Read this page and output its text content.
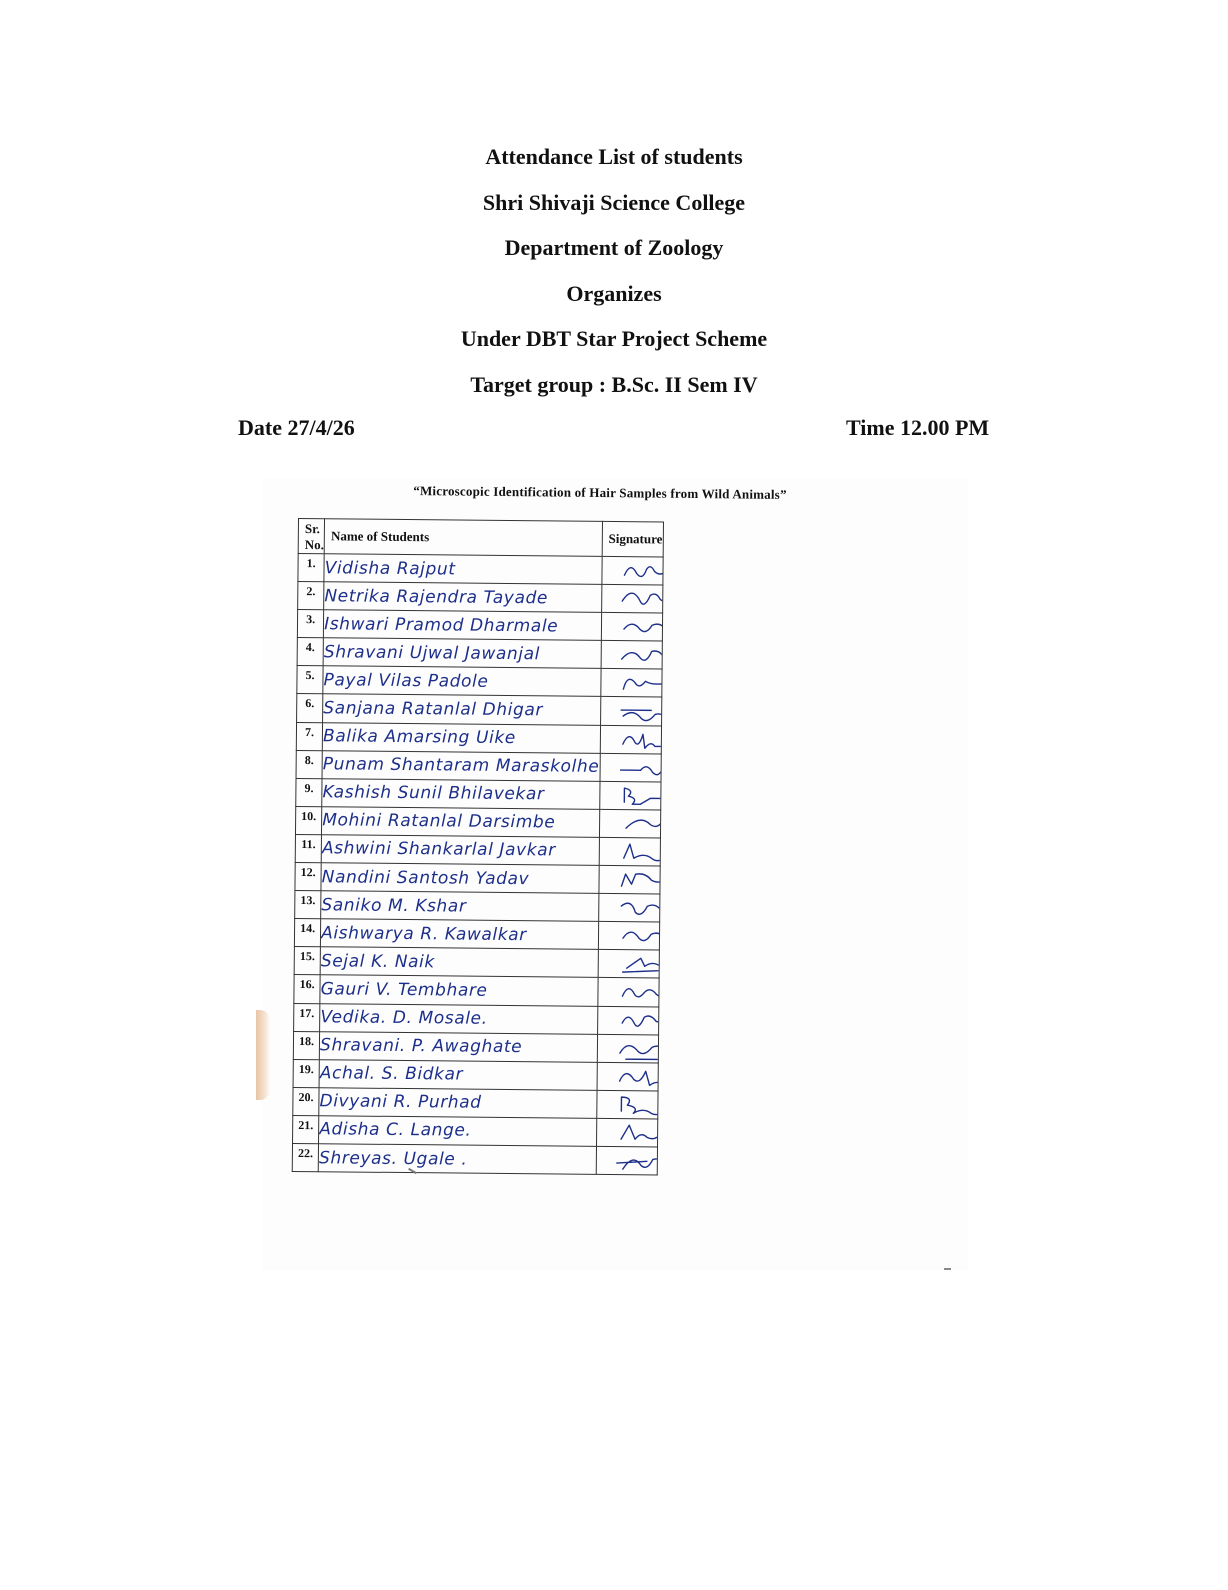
Attendance List of students
Shri Shivaji Science College
Department of Zoology
Organizes
Under DBT Star Project Scheme
Target group : B.Sc. II Sem IV
Date 27/4/26	Time 12.00 PM
“Microscopic Identification of Hair Samples from Wild Animals”
Sr. No.	Name of Students	Signature
1.	Vidisha Rajput	

2.	Netrika Rajendra Tayade	

3.	Ishwari Pramod Dharmale	

4.	Shravani Ujwal Jawanjal	

5.	Payal Vilas Padole	

6.	Sanjana Ratanlal Dhigar	

7.	Balika Amarsing Uike	

8.	Punam Shantaram Maraskolhe	

9.	Kashish Sunil Bhilavekar	

10.	Mohini Ratanlal Darsimbe	

11.	Ashwini Shankarlal Javkar	

12.	Nandini Santosh Yadav	

13.	Saniko M. Kshar	

14.	Aishwarya R. Kawalkar	

15.	Sejal K. Naik	

16.	Gauri V. Tembhare	

17.	Vedika. D. Mosale.	

18.	Shravani. P. Awaghate	

19.	Achal. S. Bidkar	

20.	Divyani R. Purhad	

21.	Adisha C. Lange.	

22.	Shreyas. Ugale .	
